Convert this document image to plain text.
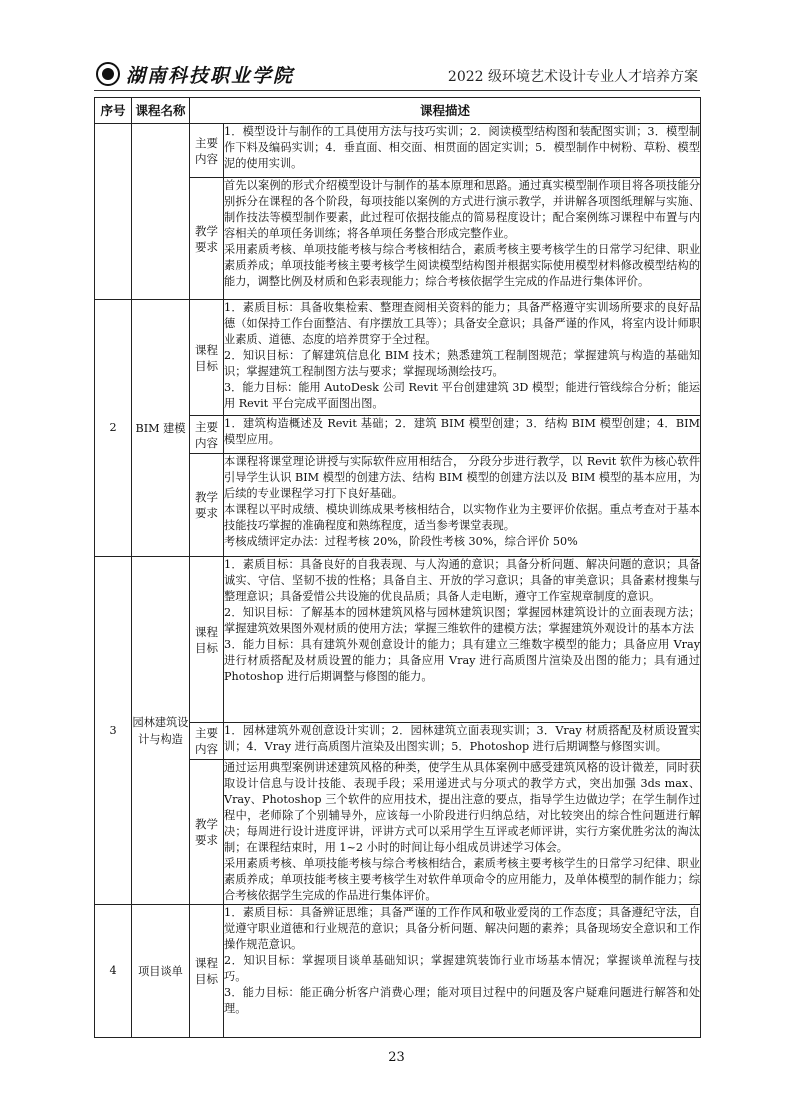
湖南科技职业学院	2022 级环境艺术设计专业人才培养方案
序号	课程名称	课程描述	
		主要内容	1．模型设计与制作的工具使用方法与技巧实训；2．阅读模型结构图和装配图实训；3．模型制作下料及编码实训；4．垂直面、相交面、相贯面的固定实训；5．模型制作中树粉、草粉、模型泥的使用实训。

		教学要求	首先以案例的形式介绍模型设计与制作的基本原理和思路。通过真实模型制作项目将各项技能分别拆分在课程的各个阶段，每项技能以案例的方式进行演示教学，并讲解各项图纸理解与实施、制作技法等模型制作要素，此过程可依据技能点的简易程度设计；配合案例练习课程中布置与内容相关的单项任务训练；将各单项任务整合形成完整作业。

采用素质考核、单项技能考核与综合考核相结合，素质考核主要考核学生的日常学习纪律、职业素质养成；单项技能考核主要考核学生阅读模型结构图并根据实际使用模型材料修改模型结构的能力，调整比例及材质和色彩表现能力；综合考核依据学生完成的作品进行集体评价。

2	BIM 建模	课程目标	1．素质目标：具备收集检索、整理查阅相关资料的能力；具备严格遵守实训场所要求的良好品德（如保持工作台面整洁、有序摆放工具等）；具备安全意识；具备严谨的作风，将室内设计师职业素质、道德、态度的培养贯穿于全过程。

2．知识目标：了解建筑信息化 BIM 技术；熟悉建筑工程制图规范；掌握建筑与构造的基础知识；掌握建筑工程制图方法与要求；掌握现场测绘技巧。

3．能力目标：能用 AutoDesk 公司 Revit 平台创建建筑 3D 模型；能进行管线综合分析；能运用 Revit 平台完成平面图出图。

		主要内容	1．建筑构造概述及 Revit 基础；2．建筑 BIM 模型创建；3．结构 BIM 模型创建；4．BIM 模型应用。

		教学要求	本课程将课堂理论讲授与实际软件应用相结合， 分段分步进行教学，以 Revit 软件为核心软件引导学生认识 BIM 模型的创建方法、结构 BIM 模型的创建方法以及 BIM 模型的基本应用，为后续的专业课程学习打下良好基础。

本课程以平时成绩、模块训练成果考核相结合，以实物作业为主要评价依据。重点考查对于基本技能技巧掌握的准确程度和熟练程度，适当参考课堂表现。

考核成绩评定办法：过程考核 20%，阶段性考核 30%，综合评价 50%

3	园林建筑设计与构造	课程目标	1．素质目标：具备良好的自我表现、与人沟通的意识；具备分析问题、解决问题的意识；具备诚实、守信、坚韧不拔的性格；具备自主、开放的学习意识；具备的审美意识；具备素材搜集与整理意识；具备爱惜公共设施的优良品质；具备人走电断，遵守工作室规章制度的意识。

2．知识目标：了解基本的园林建筑风格与园林建筑识图；掌握园林建筑设计的立面表现方法；掌握建筑效果图外观材质的使用方法；掌握三维软件的建模方法；掌握建筑外观设计的基本方法

3．能力目标：具有建筑外观创意设计的能力；具有建立三维数字模型的能力；具备应用 Vray 进行材质搭配及材质设置的能力；具备应用 Vray 进行高质图片渲染及出图的能力；具有通过 Photoshop 进行后期调整与修图的能力。

		主要内容	1．园林建筑外观创意设计实训；2．园林建筑立面表现实训；3．Vray 材质搭配及材质设置实训；4．Vray 进行高质图片渲染及出图实训；5．Photoshop 进行后期调整与修图实训。

		教学要求	通过运用典型案例讲述建筑风格的种类，使学生从具体案例中感受建筑风格的设计微差，同时获取设计信息与设计技能、表现手段；采用递进式与分项式的教学方式，突出加强 3ds max、Vray、Photoshop 三个软件的应用技术，提出注意的要点，指导学生边做边学；在学生制作过程中，老师除了个别辅导外，应该每一小阶段进行归纳总结，对比较突出的综合性问题进行解决；每周进行设计进度评讲，评讲方式可以采用学生互评或老师评讲，实行方案优胜劣汰的淘汰制；在课程结束时，用 1~2 小时的时间让每小组成员讲述学习体会。

采用素质考核、单项技能考核与综合考核相结合，素质考核主要考核学生的日常学习纪律、职业素质养成；单项技能考核主要考核学生对软件单项命令的应用能力，及单体模型的制作能力；综合考核依据学生完成的作品进行集体评价。

4	项目谈单	课程目标	1．素质目标：具备辨证思维；具备严谨的工作作风和敬业爱岗的工作态度；具备遵纪守法，自觉遵守职业道德和行业规范的意识；具备分析问题、解决问题的素养；具备现场安全意识和工作操作规范意识。

2．知识目标：掌握项目谈单基础知识；掌握建筑装饰行业市场基本情况；掌握谈单流程与技巧。

3．能力目标：能正确分析客户消费心理；能对项目过程中的问题及客户疑难问题进行解答和处理。

23
